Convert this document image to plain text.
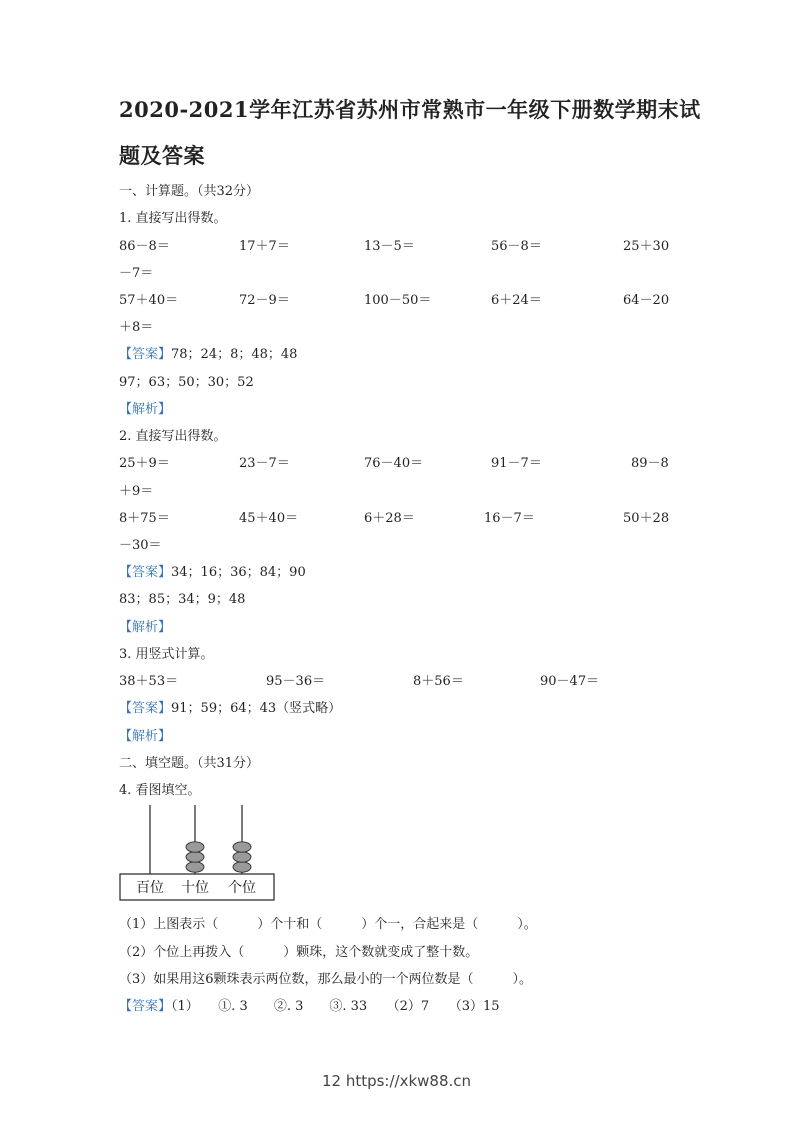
2020-2021学年江苏省苏州市常熟市一年级下册数学期末试
题及答案
一、计算题。（共32分）
1. 直接写出得数。
86－8＝	17＋7＝	13－5＝	56－8＝	25＋30
－7＝
57＋40＝	72－9＝	100－50＝	6＋24＝	64－20
＋8＝
【答案】78；24；8；48；48
97；63；50；30；52
【解析】
2. 直接写出得数。
25＋9＝	23－7＝	76－40＝	91－7＝	89－8
＋9＝
8＋75＝	45＋40＝	6＋28＝	16－7＝	50＋28
－30＝
【答案】34；16；36；84；90
83；85；34；9；48
【解析】
3. 用竖式计算。
38＋53＝	95－36＝	8＋56＝	90－47＝
【答案】91；59；64；43（竖式略）
【解析】
二、填空题。（共31分）
4. 看图填空。
百位 十位 个位
（1）上图表示（　　　）个十和（　　　）个一，合起来是（　　　）。
（2）个位上再拨入（　　　）颗珠，这个数就变成了整十数。
（3）如果用这6颗珠表示两位数，那么最小的一个两位数是（　　　）。
【答案】（1）　　①. 3　　②. 3　　③. 33　　（2）7　　（3）15
12 https://xkw88.cn
